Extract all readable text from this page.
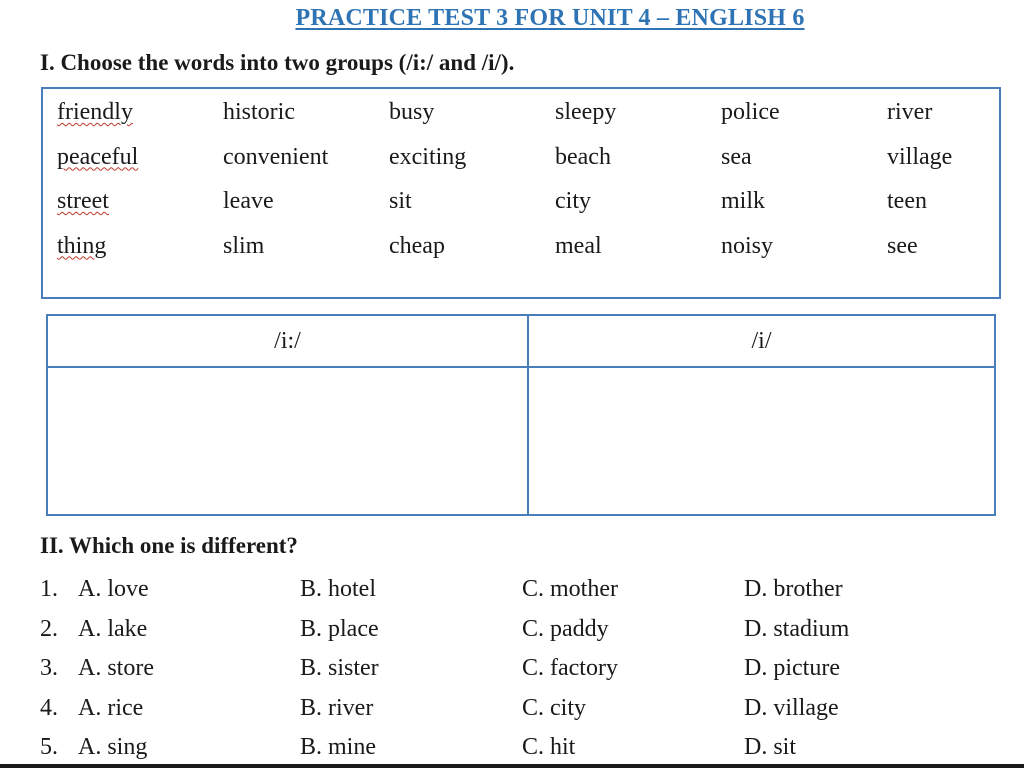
PRACTICE TEST 3 FOR UNIT 4 – ENGLISH 6
I. Choose the words into two groups (/i:/ and /i/).
friendly	historic	busy	sleepy	police	river
peaceful	convenient	exciting	beach	sea	village
street	leave	sit	city	milk	teen
thing	slim	cheap	meal	noisy	see
/i:/	/i/

II. Which one is different?
1. A. love	B. hotel	C. mother	D. brother
2. A. lake	B. place	C. paddy	D. stadium
3. A. store	B. sister	C. factory	D. picture
4. A. rice	B. river	C. city	D. village
5. A. sing	B. mine	C. hit	D. sit
